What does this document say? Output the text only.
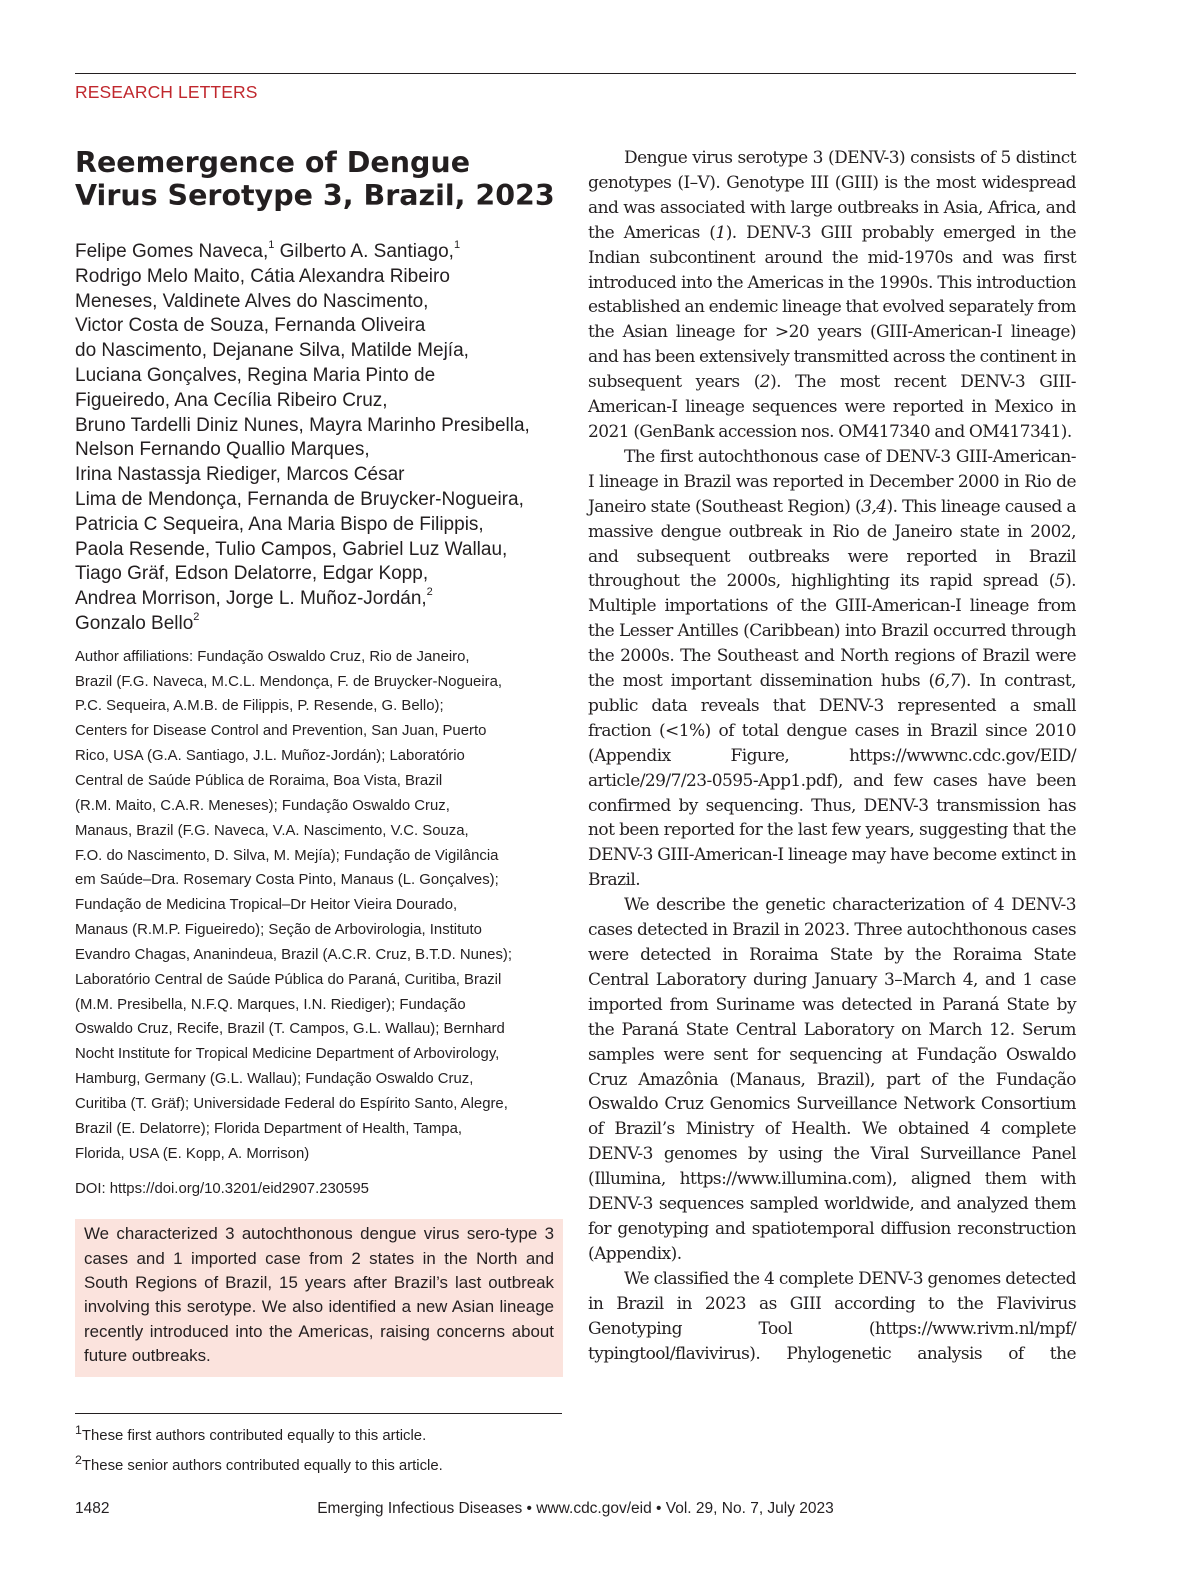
RESEARCH LETTERS
Reemergence of Dengue
Virus Serotype 3, Brazil, 2023
Felipe Gomes Naveca,$^1$ Gilberto A. Santiago,$^1$
Rodrigo Melo Maito, Cátia Alexandra Ribeiro
Meneses, Valdinete Alves do Nascimento,
Victor Costa de Souza, Fernanda Oliveira
do Nascimento, Dejanane Silva, Matilde Mejía,
Luciana Gonçalves, Regina Maria Pinto de
Figueiredo, Ana Cecília Ribeiro Cruz,
Bruno Tardelli Diniz Nunes, Mayra Marinho Presibella,
Nelson Fernando Quallio Marques,
Irina Nastassja Riediger, Marcos César
Lima de Mendonça, Fernanda de Bruycker-Nogueira,
Patricia C Sequeira, Ana Maria Bispo de Filippis,
Paola Resende, Tulio Campos, Gabriel Luz Wallau,
Tiago Gräf, Edson Delatorre, Edgar Kopp,
Andrea Morrison, Jorge L. Muñoz-Jordán,$^2$
Gonzalo Bello$^2$
Author affiliations: Fundação Oswaldo Cruz, Rio de Janeiro,
Brazil (F.G. Naveca, M.C.L. Mendonça, F. de Bruycker-Nogueira,
P.C. Sequeira, A.M.B. de Filippis, P. Resende, G. Bello);
Centers for Disease Control and Prevention, San Juan, Puerto
Rico, USA (G.A. Santiago, J.L. Muñoz-Jordán); Laboratório
Central de Saúde Pública de Roraima, Boa Vista, Brazil
(R.M. Maito, C.A.R. Meneses); Fundação Oswaldo Cruz,
Manaus, Brazil (F.G. Naveca, V.A. Nascimento, V.C. Souza,
F.O. do Nascimento, D. Silva, M. Mejía); Fundação de Vigilância
em Saúde–Dra. Rosemary Costa Pinto, Manaus (L. Gonçalves);
Fundação de Medicina Tropical–Dr Heitor Vieira Dourado,
Manaus (R.M.P. Figueiredo); Seção de Arbovirologia, Instituto
Evandro Chagas, Ananindeua, Brazil (A.C.R. Cruz, B.T.D. Nunes);
Laboratório Central de Saúde Pública do Paraná, Curitiba, Brazil
(M.M. Presibella, N.F.Q. Marques, I.N. Riediger); Fundação
Oswaldo Cruz, Recife, Brazil (T. Campos, G.L. Wallau); Bernhard
Nocht Institute for Tropical Medicine Department of Arbovirology,
Hamburg, Germany (G.L. Wallau); Fundação Oswaldo Cruz,
Curitiba (T. Gräf); Universidade Federal do Espírito Santo, Alegre,
Brazil (E. Delatorre); Florida Department of Health, Tampa,
Florida, USA (E. Kopp, A. Morrison)
DOI: https://doi.org/10.3201/eid2907.230595
We characterized 3 autochthonous dengue virus sero-type 3 cases and 1 imported case from 2 states in the North and South Regions of Brazil, 15 years after Brazil’s last outbreak involving this serotype. We also identified a new Asian lineage recently introduced into the Americas, raising concerns about future outbreaks.
$^1$These first authors contributed equally to this article.
$^2$These senior authors contributed equally to this article.

Dengue virus serotype 3 (DENV-3) consists of 5 distinct genotypes (I–V). Genotype III (GIII) is the most widespread and was associated with large outbreaks in Asia, Africa, and the Americas (1). DENV-3 GIII probably emerged in the Indian subcontinent around the mid-1970s and was first introduced into the Americas in the 1990s. This introduction established an endemic lineage that evolved separately from the Asian lineage for >20 years (GIII-American-I lineage) and has been extensively transmitted across the continent in subsequent years (2). The most recent DENV-3 GIII-American-I lineage sequences were reported in Mexico in 2021 (GenBank accession nos. OM417340 and OM417341).

The first autochthonous case of DENV-3 GIII-American-I lineage in Brazil was reported in December 2000 in Rio de Janeiro state (Southeast Region) (3,4). This lineage caused a massive dengue outbreak in Rio de Janeiro state in 2002, and subsequent outbreaks were reported in Brazil throughout the 2000s, highlighting its rapid spread (5). Multiple importations of the GIII-American-I lineage from the Lesser Antilles (Caribbean) into Brazil occurred through the 2000s. The Southeast and North regions of Brazil were the most important dissemination hubs (6,7). In contrast, public data reveals that DENV-3 represented a small fraction (<1%) of total dengue cases in Brazil since 2010 (Appendix Figure, https://wwwnc.cdc.gov/EID/ article/29/7/23-0595-App1.pdf), and few cases have been confirmed by sequencing. Thus, DENV-3 transmission has not been reported for the last few years, suggesting that the DENV-3 GIII-American-I lineage may have become extinct in Brazil.

We describe the genetic characterization of 4 DENV-3 cases detected in Brazil in 2023. Three autochthonous cases were detected in Roraima State by the Roraima State Central Laboratory during January 3–March 4, and 1 case imported from Suriname was detected in Paraná State by the Paraná State Central Laboratory on March 12. Serum samples were sent for sequencing at Fundação Oswaldo Cruz Amazônia (Manaus, Brazil), part of the Fundação Oswaldo Cruz Genomics Surveillance Network Consortium of Brazil’s Ministry of Health. We obtained 4 complete DENV-3 genomes by using the Viral Surveillance Panel (Illumina, https://www.illumina.com), aligned them with DENV-3 sequences sampled worldwide, and analyzed them for genotyping and spatiotemporal diffusion reconstruction (Appendix).

We classified the 4 complete DENV-3 genomes detected in Brazil in 2023 as GIII according to the Flavivirus Genotyping Tool (https://www.rivm.nl/mpf/ typingtool/flavivirus). Phylogenetic analysis of the

1482	Emerging Infectious Diseases • www.cdc.gov/eid • Vol. 29, No. 7, July 2023
